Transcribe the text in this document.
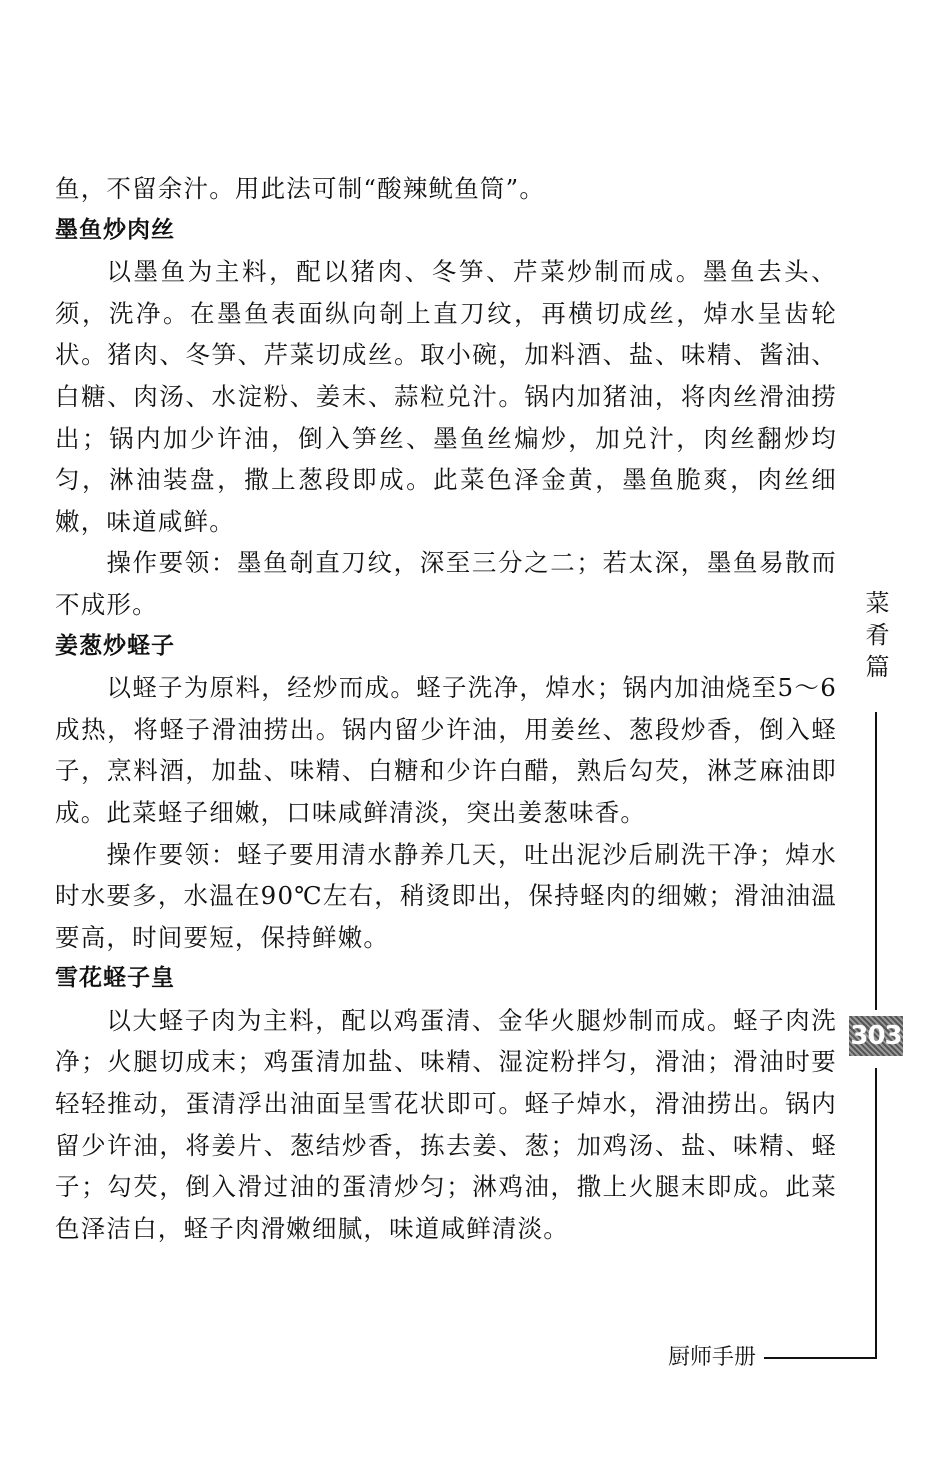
鱼，不留余汁。用此法可制“酸辣鱿鱼筒”。

墨鱼炒肉丝

以墨鱼为主料，配以猪肉、冬笋、芹菜炒制而成。墨鱼去头、须，洗净。在墨鱼表面纵向剞上直刀纹，再横切成丝，焯水呈齿轮状。猪肉、冬笋、芹菜切成丝。取小碗，加料酒、盐、味精、酱油、白糖、肉汤、水淀粉、姜末、蒜粒兑汁。锅内加猪油，将肉丝滑油捞出；锅内加少许油，倒入笋丝、墨鱼丝煸炒，加兑汁，肉丝翻炒均匀，淋油装盘，撒上葱段即成。此菜色泽金黄，墨鱼脆爽，肉丝细嫩，味道咸鲜。

操作要领：墨鱼剞直刀纹，深至三分之二；若太深，墨鱼易散而不成形。

姜葱炒蛏子

以蛏子为原料，经炒而成。蛏子洗净，焯水；锅内加油烧至5～6成热，将蛏子滑油捞出。锅内留少许油，用姜丝、葱段炒香，倒入蛏子，烹料酒，加盐、味精、白糖和少许白醋，熟后勾芡，淋芝麻油即成。此菜蛏子细嫩，口味咸鲜清淡，突出姜葱味香。

操作要领：蛏子要用清水静养几天，吐出泥沙后刷洗干净；焯水时水要多，水温在90℃左右，稍烫即出，保持蛏肉的细嫩；滑油油温要高，时间要短，保持鲜嫩。

雪花蛏子皇

以大蛏子肉为主料，配以鸡蛋清、金华火腿炒制而成。蛏子肉洗净；火腿切成末；鸡蛋清加盐、味精、湿淀粉拌匀，滑油；滑油时要轻轻推动，蛋清浮出油面呈雪花状即可。蛏子焯水，滑油捞出。锅内留少许油，将姜片、葱结炒香，拣去姜、葱；加鸡汤、盐、味精、蛏子；勾芡，倒入滑过油的蛋清炒匀；淋鸡油，撒上火腿末即成。此菜色泽洁白，蛏子肉滑嫩细腻，味道咸鲜清淡。

菜肴篇
303
厨师手册
